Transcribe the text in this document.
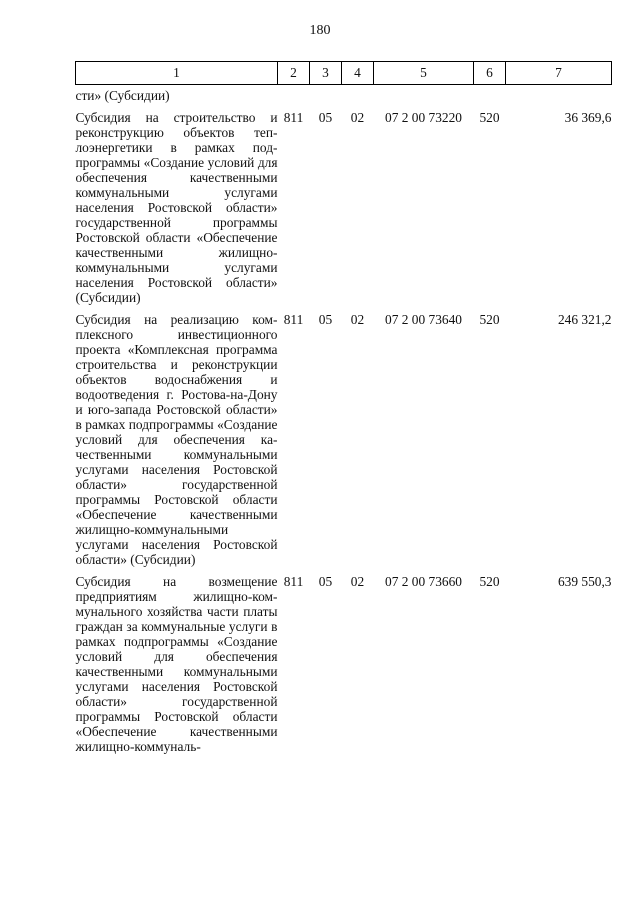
180
1	2	3	4	5	6	7
сти» (Субсидии)						
Субсидия на строительство и реконструкцию объектов теплоэнергетики в рамках подпрограммы «Создание условий для обеспечения качественными коммунальными услугами населения Ростовской области» государственной программы Ростовской области «Обеспечение качественными жилищно-коммунальными услугами населения Ростовской области» (Субсидии)	811	05	02	07 2 00 73220	520	36 369,6
Субсидия на реализацию комплексного инвестиционного проекта «Комплексная программа строительства и реконструкции объектов водоснабжения и водоотведения г. Ростова-на-Дону и юго-запада Ростовской области» в рамках подпрограммы «Создание условий для обеспечения качественными коммунальными услугами населения Ростовской области» государственной программы Ростовской области «Обеспечение качественными жилищно-коммунальными услугами населения Ростовской области» (Субсидии)	811	05	02	07 2 00 73640	520	246 321,2
Субсидия на возмещение предприятиям жилищно-коммунального хозяйства части платы граждан за коммунальные услуги в рамках подпрограммы «Создание условий для обеспечения качественными коммунальными услугами населения Ростовской области» государственной программы Ростовской области «Обеспечение качественными жилищно-коммуналь-	811	05	02	07 2 00 73660	520	639 550,3
